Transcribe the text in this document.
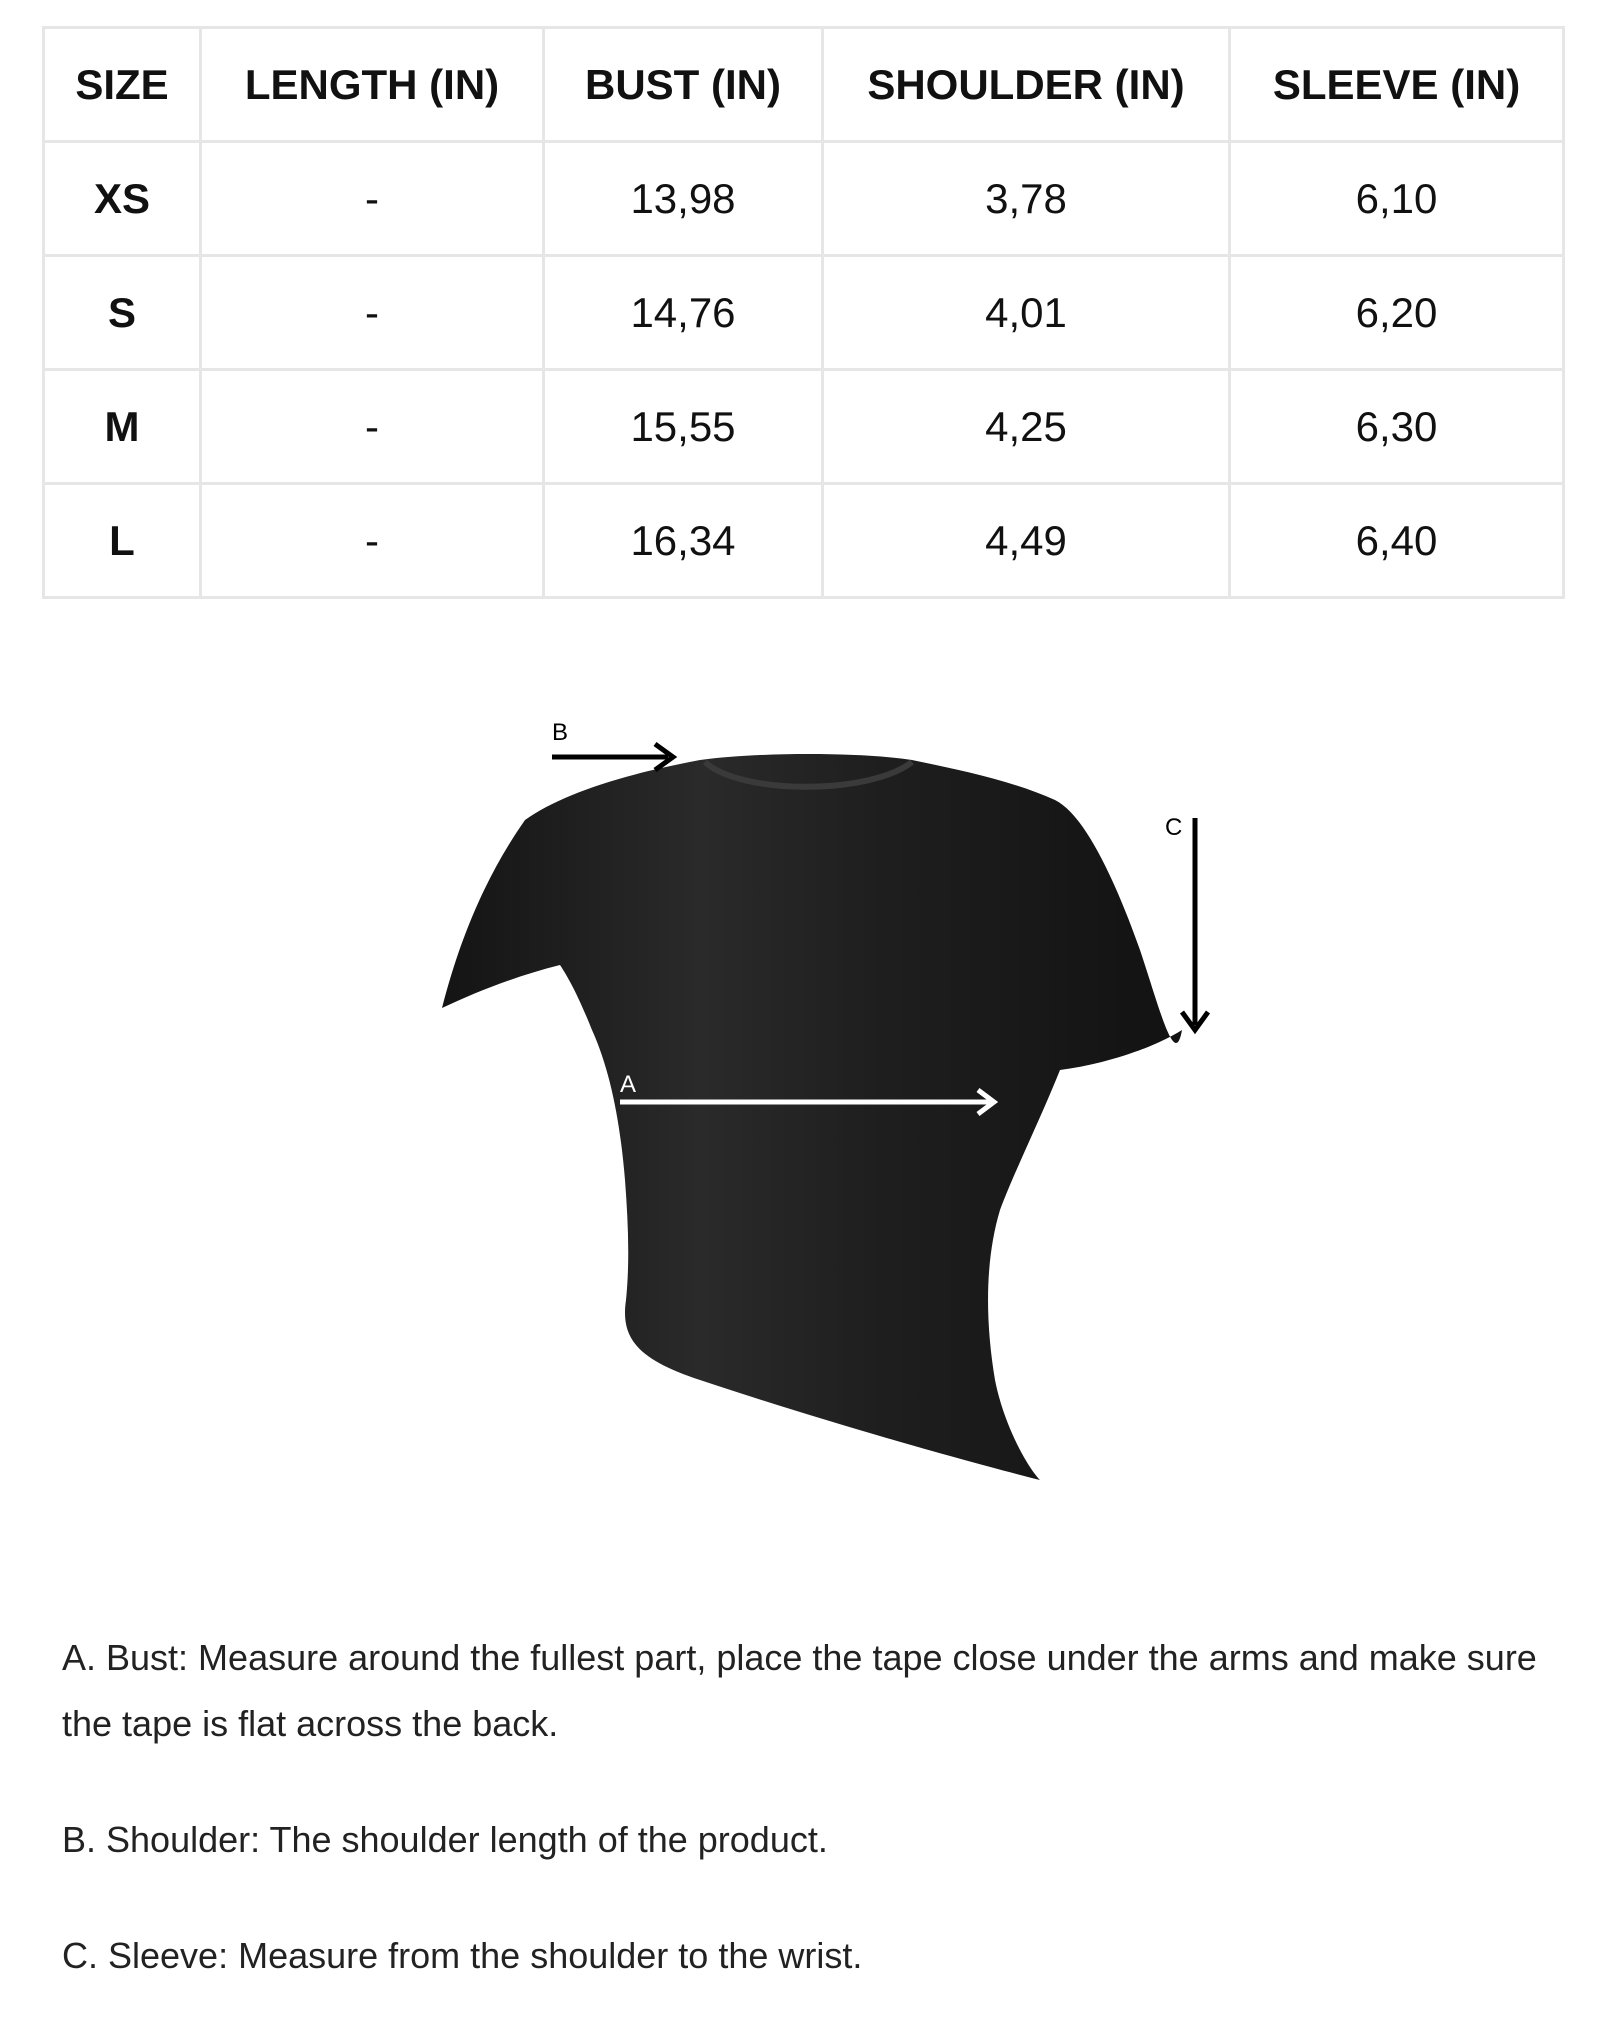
SIZE	LENGTH (IN)	BUST (IN)	SHOULDER (IN)	SLEEVE (IN)
XS	-	13,98	3,78	6,10
S	-	14,76	4,01	6,20
M	-	15,55	4,25	6,30
L	-	16,34	4,49	6,40
B
C
A

A. Bust: Measure around the fullest part, place the tape close under the arms and make sure the tape is flat across the back.

B. Shoulder: The shoulder length of the product.

C. Sleeve: Measure from the shoulder to the wrist.
